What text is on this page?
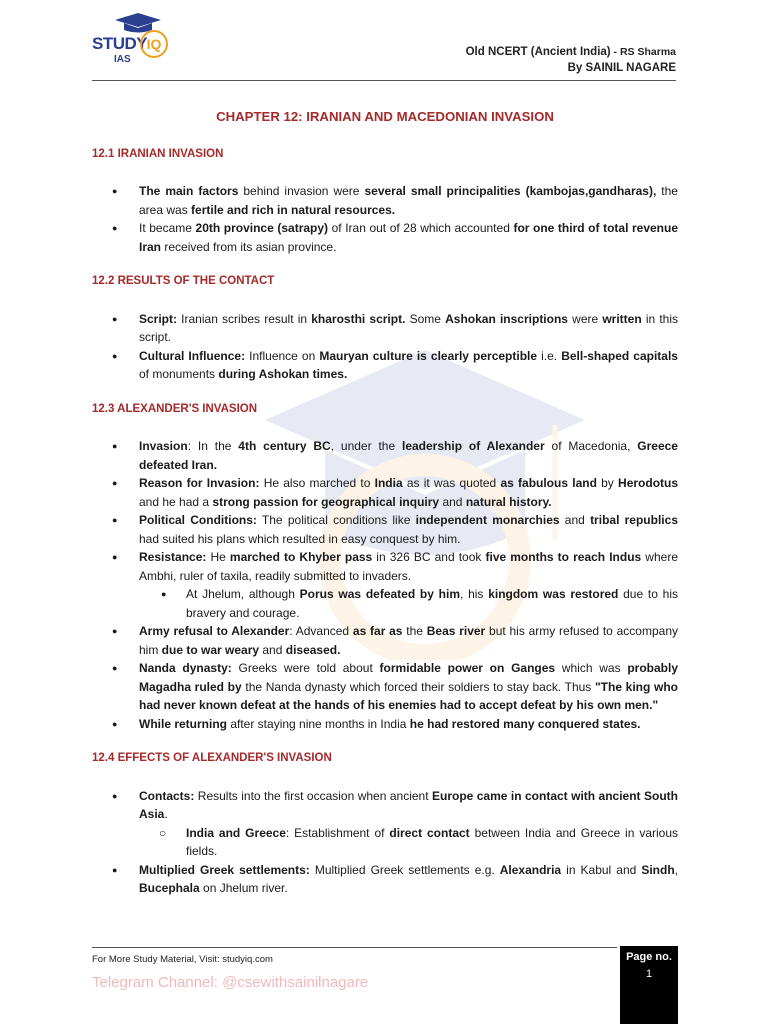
STUDY IQ
IAS
Old NCERT (Ancient India) - RS Sharma
By SAINIL NAGARE
CHAPTER 12: IRANIAN AND MACEDONIAN INVASION
12.1 IRANIAN INVASION
● The main factors behind invasion were several small principalities (kambojas,gandharas), the area was fertile and rich in natural resources.
● It became 20th province (satrapy) of Iran out of 28 which accounted for one third of total revenue Iran received from its asian province.
12.2 RESULTS OF THE CONTACT
● Script: Iranian scribes result in kharosthi script. Some Ashokan inscriptions were written in this script.
● Cultural Influence: Influence on Mauryan culture is clearly perceptible i.e. Bell-shaped capitals of monuments during Ashokan times.
12.3 ALEXANDER'S INVASION
● Invasion: In the 4th century BC, under the leadership of Alexander of Macedonia, Greece defeated Iran.
● Reason for Invasion: He also marched to India as it was quoted as fabulous land by Herodotus and he had a strong passion for geographical inquiry and natural history.
● Political Conditions: The political conditions like independent monarchies and tribal republics had suited his plans which resulted in easy conquest by him.
● Resistance: He marched to Khyber pass in 326 BC and took five months to reach Indus where Ambhi, ruler of taxila, readily submitted to invaders.
● At Jhelum, although Porus was defeated by him, his kingdom was restored due to his bravery and courage.
● Army refusal to Alexander: Advanced as far as the Beas river but his army refused to accompany him due to war weary and diseased.
● Nanda dynasty: Greeks were told about formidable power on Ganges which was probably Magadha ruled by the Nanda dynasty which forced their soldiers to stay back. Thus "The king who had never known defeat at the hands of his enemies had to accept defeat by his own men."
● While returning after staying nine months in India he had restored many conquered states.
12.4 EFFECTS OF ALEXANDER'S INVASION
● Contacts: Results into the first occasion when ancient Europe came in contact with ancient South Asia.
○ India and Greece: Establishment of direct contact between India and Greece in various fields.
● Multiplied Greek settlements: Multiplied Greek settlements e.g. Alexandria in Kabul and Sindh, Bucephala on Jhelum river.
For More Study Material, Visit: studyiq.com
Telegram Channel: @csewithsainilnagare
Page no.
1
